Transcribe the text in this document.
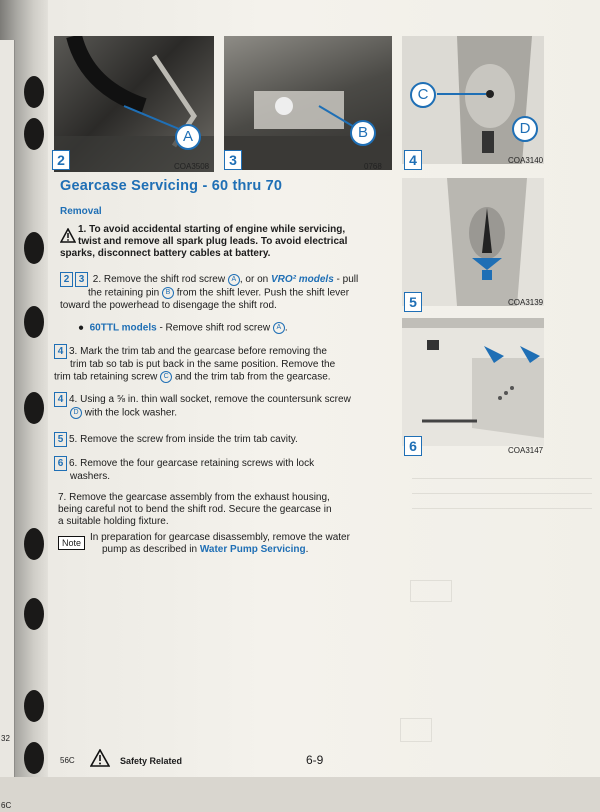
32
6C
A
2	COA3508
B
3	0768
C
D
4	COA3140
5	COA3139
6	COA3147
Gearcase Servicing - 60 thru 70
Removal
1. To avoid accidental starting of engine while servicing,
twist and remove all spark plug leads. To avoid electrical
sparks, disconnect battery cables at battery.
2 3 2. Remove the shift rod screw A , or on VRO² models - pull
the retaining pin B from the shift lever. Push the shift lever
toward the powerhead to disengage the shift rod.
●  60TTL models - Remove shift rod screw A .
4 3. Mark the trim tab and the gearcase before removing the
trim tab so tab is put back in the same position. Remove the
trim tab retaining screw C and the trim tab from the gearcase.
4 4. Using a ⅝ in. thin wall socket, remove the countersunk screw
D with the lock washer.
5 5. Remove the screw from inside the trim tab cavity.
6 6. Remove the four gearcase retaining screws with lock
washers.
7. Remove the gearcase assembly from the exhaust housing,
being careful not to bend the shift rod. Secure the gearcase in
a suitable holding fixture.
Note In preparation for gearcase disassembly, remove the water
pump as described in Water Pump Servicing.
56C	Safety Related	6-9
